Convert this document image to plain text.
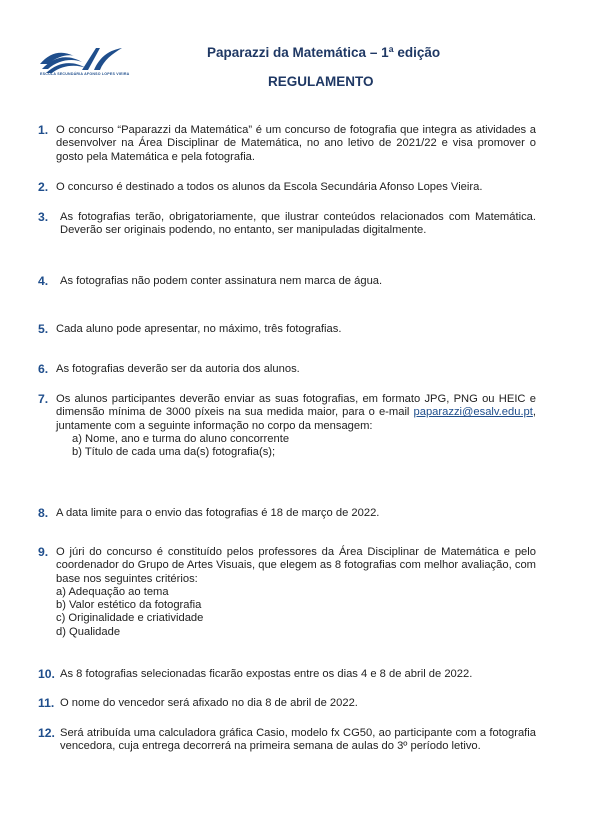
ESCOLA SECUNDÁRIA AFONSO LOPES VIEIRA
Paparazzi da Matemática – 1ª edição
REGULAMENTO
1. O concurso “Paparazzi da Matemática” é um concurso de fotografia que integra as atividades a desenvolver na Área Disciplinar de Matemática, no ano letivo de 2021/22 e visa promover o gosto pela Matemática e pela fotografia.
2. O concurso é destinado a todos os alunos da Escola Secundária Afonso Lopes Vieira.
3. As fotografias terão, obrigatoriamente, que ilustrar conteúdos relacionados com Matemática. Deverão ser originais podendo, no entanto, ser manipuladas digitalmente.
4. As fotografias não podem conter assinatura nem marca de água.
5. Cada aluno pode apresentar, no máximo, três fotografias.
6. As fotografias deverão ser da autoria dos alunos.
7. Os alunos participantes deverão enviar as suas fotografias, em formato JPG, PNG ou HEIC e dimensão mínima de 3000 píxeis na sua medida maior, para o e-mail paparazzi@esalv.edu.pt, juntamente com a seguinte informação no corpo da mensagem:
a) Nome, ano e turma do aluno concorrente
b) Título de cada uma da(s) fotografia(s);
8. A data limite para o envio das fotografias é 18 de março de 2022.
9. O júri do concurso é constituído pelos professores da Área Disciplinar de Matemática e pelo coordenador do Grupo de Artes Visuais, que elegem as 8 fotografias com melhor avaliação, com base nos seguintes critérios:
a) Adequação ao tema
b) Valor estético da fotografia
c) Originalidade e criatividade
d) Qualidade
10. As 8 fotografias selecionadas ficarão expostas entre os dias 4 e 8 de abril de 2022.
11. O nome do vencedor será afixado no dia 8 de abril de 2022.
12. Será atribuída uma calculadora gráfica Casio, modelo fx CG50, ao participante com a fotografia vencedora, cuja entrega decorrerá na primeira semana de aulas do 3º período letivo.
